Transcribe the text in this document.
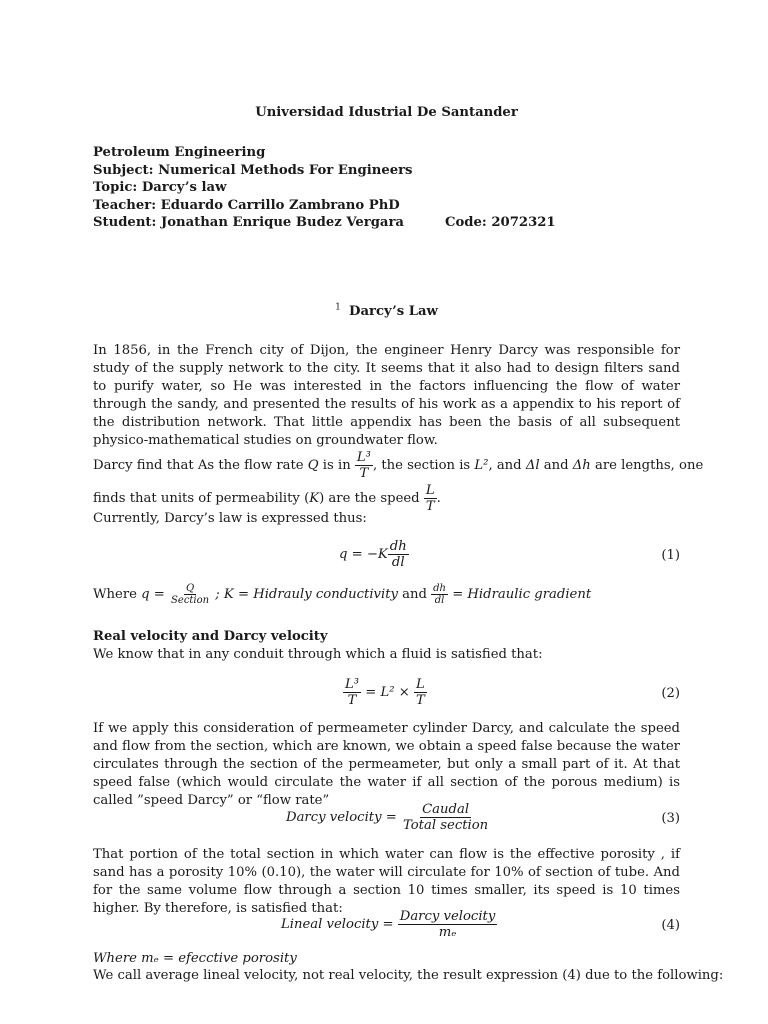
Universidad Idustrial De Santander
Petroleum Engineering
Subject: Numerical Methods For Engineers
Topic: Darcy’s law
Teacher: Eduardo Carrillo Zambrano PhD
Student: Jonathan Enrique Budez Vergara	Code: 2072321
$^1$ Darcy’s Law

In 1856, in the French city of Dijon, the engineer Henry Darcy was responsible for study of the supply network to the city. It seems that it also had to design filters sand to purify water, so He was interested in the factors influencing the flow of water through the sandy, and presented the results of his work as a appendix to his report of the distribution network. That little appendix has been the basis of all subsequent physico-mathematical studies on groundwater flow.

Darcy find that As the flow rate Q is in $\frac{\text{L³}}{T}$ , the section is L², and Δl and Δh are lengths, one
finds that units of permeability (K) are the speed $\frac{L}{T}$ .
Currently, Darcy’s law is expressed thus:
$q = -K \frac{dh}{dl}$	(1)
Where $q = \frac{Q}{\text{Section}}$ ; K = Hidrauly conductivity and $\frac{dh}{dl}$ = Hidraulic gradient
Real velocity and Darcy velocity
We know that in any conduit through which a fluid is satisfied that:
$\frac{\text{L³}}{T} = L^2 \times \frac{L}{T}$	(2)

If we apply this consideration of permeameter cylinder Darcy, and calculate the speed and flow from the section, which are known, we obtain a speed false because the water circulates through the section of the permeameter, but only a small part of it. At that speed false (which would circulate the water if all section of the porous medium) is called ”speed Darcy” or “flow rate”

Darcy velocity = $\frac{\text{Caudal}}{\text{Total section}}$	(3)

That portion of the total section in which water can flow is the effective porosity , if sand has a porosity 10% (0.10), the water will circulate for 10% of section of tube. And for the same volume flow through a section 10 times smaller, its speed is 10 times higher. By therefore, is satisfied that:

Lineal velocity = $\frac{\text{Darcy velocity}}{\text{mₑ}}$	(4)
Where mₑ = efecctive porosity
We call average lineal velocity, not real velocity, the result expression (4) due to the following:
